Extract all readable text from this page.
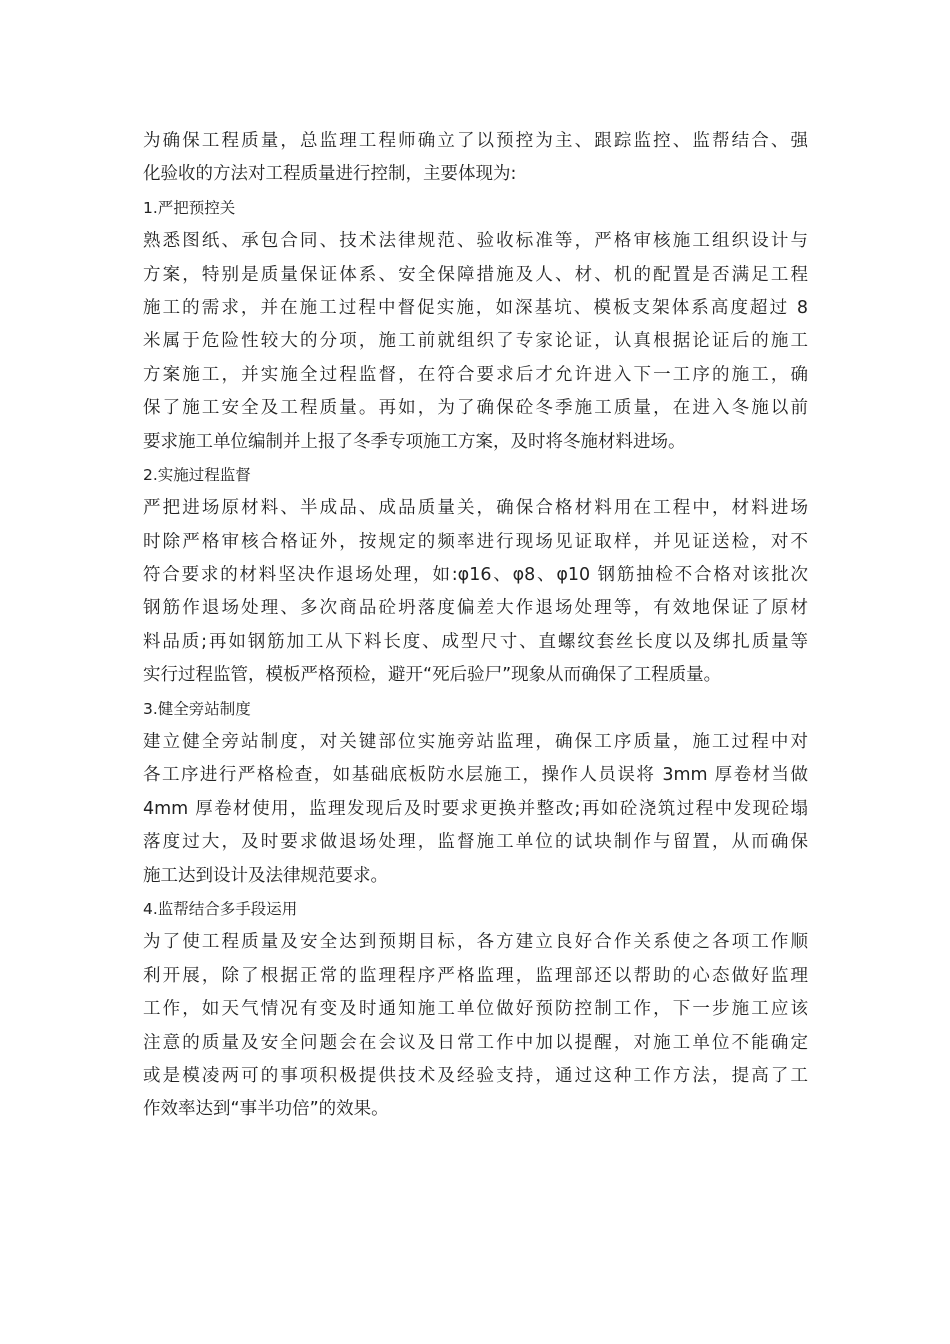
为确保工程质量，总监理工程师确立了以预控为主、跟踪监控、监帮结合、强
化验收的方法对工程质量进行控制，主要体现为:
1.严把预控关
熟悉图纸、承包合同、技术法律规范、验收标准等，严格审核施工组织设计与
方案，特别是质量保证体系、安全保障措施及人、材、机的配置是否满足工程
施工的需求，并在施工过程中督促实施，如深基坑、模板支架体系高度超过 8
米属于危险性较大的分项，施工前就组织了专家论证，认真根据论证后的施工
方案施工，并实施全过程监督，在符合要求后才允许进入下一工序的施工，确
保了施工安全及工程质量。再如，为了确保砼冬季施工质量，在进入冬施以前
要求施工单位编制并上报了冬季专项施工方案，及时将冬施材料进场。
2.实施过程监督
严把进场原材料、半成品、成品质量关，确保合格材料用在工程中，材料进场
时除严格审核合格证外，按规定的频率进行现场见证取样，并见证送检，对不
符合要求的材料坚决作退场处理，如:φ16、φ8、φ10 钢筋抽检不合格对该批次
钢筋作退场处理、多次商品砼坍落度偏差大作退场处理等，有效地保证了原材
料品质;再如钢筋加工从下料长度、成型尺寸、直螺纹套丝长度以及绑扎质量等
实行过程监管，模板严格预检，避开“死后验尸”现象从而确保了工程质量。
3.健全旁站制度
建立健全旁站制度，对关键部位实施旁站监理，确保工序质量，施工过程中对
各工序进行严格检查，如基础底板防水层施工，操作人员误将 3mm 厚卷材当做
4mm 厚卷材使用，监理发现后及时要求更换并整改;再如砼浇筑过程中发现砼塌
落度过大，及时要求做退场处理，监督施工单位的试块制作与留置，从而确保
施工达到设计及法律规范要求。
4.监帮结合多手段运用
为了使工程质量及安全达到预期目标，各方建立良好合作关系使之各项工作顺
利开展，除了根据正常的监理程序严格监理，监理部还以帮助的心态做好监理
工作，如天气情况有变及时通知施工单位做好预防控制工作，下一步施工应该
注意的质量及安全问题会在会议及日常工作中加以提醒，对施工单位不能确定
或是模凌两可的事项积极提供技术及经验支持，通过这种工作方法，提高了工
作效率达到“事半功倍”的效果。
